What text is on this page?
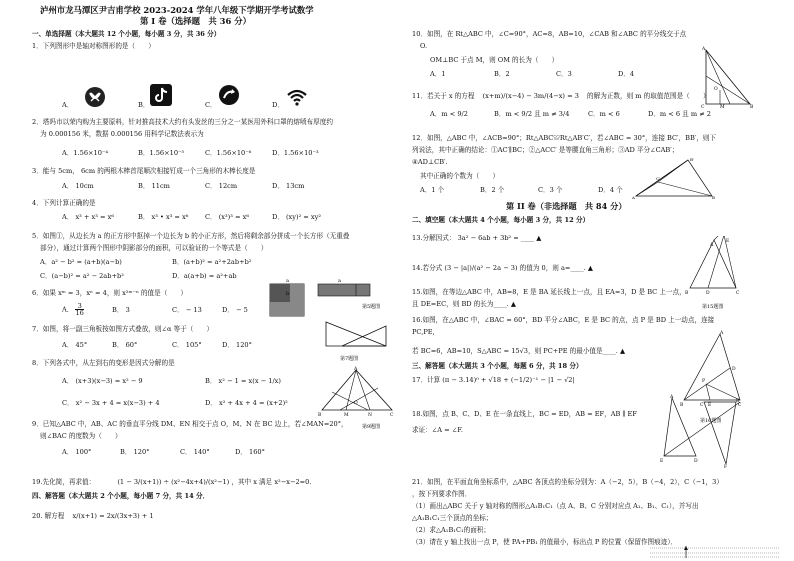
泸州市龙马潭区尹吉甫学校 2023-2024 学年八年级下学期开学考试数学
第 I 卷（选择题　共 36 分）
一、单选择题（本大题共 12 个小题，每小题 3 分，共 36 分）
1．下列图形中是轴对称图形的是（　　）
A．	B．	C．	D．
2．塔吗市以荣内购为主要原料，针对推高技术大约有头发丝的三分之一某医用外科口罩的熔喷布厚度约
为 0.000156 米，数据 0.000156 用科学记数法表示为
A．1.56×10⁻⁴	B．1.56×10⁻⁵	C．1.56×10⁻⁶	D．1.56×10⁻³
3．能与 5cm， 6cm 的两根木棒首尾顺次相接钉成一个三角形的木棒长度是
A． 10cm	B． 11cm	C． 12cm	D． 13cm
4．下列计算正确的是
A． x³ + x³ = x⁶	B． x³ • x³ = x⁶	C． (x³)³ = x⁶	D． (xy)² = xy²
5．如图①，从边长为 a 的正方形中抠掉一个边长为 b 的小正方形，然后将剩余部分拼成一个长方形（无重叠
部分），通过计算两个图形中阴影部分的面积，可以验证的一个等式是（　　）
A．a² − b² = (a+b)(a−b)	B．(a+b)² = a²+2ab+b²
C．(a−b)² = a² − 2ab+b²	D．a(a+b) = a²+ab
6．如果 xᵐ = 3，xⁿ = 4，则 x²ᵐ⁻ⁿ 的值是（　　）
A． $\frac{3}{16}$	B． 3	C． − 13	D． − 5
7．如图，将一副三角板按如图方式叠放，则∠α 等于（　　）
A． 45°	B． 60°	C． 105°	D． 120°
8．下列各式中，从左到右的变形是因式分解的是
A． (x+3)(x−3) = x² − 9	B． x² − 1 = x(x − 1/x)
C． x² − 3x + 4 = x(x−3) + 4	D． x² + 4x + 4 = (x+2)²
9．已知△ABC 中，AB、AC 的垂直平分线 DM、EN 相交于点 O，M、N 在 BC 边上，若∠MAN=20°，
则∠BAC 的度数为（　　）
A． 100°	B． 120°	C． 140°	D． 160°
19.先化简，再求值：	(1 − 3/(x+1)) ÷ (x²−4x+4)/(x²−1) ，其中 x 满足 x²−x−2=0.
四、解答题（本大题共 2 个小题，每小题 7 分，共 14 分．
20. 解方程 x/(x+1) = 2x/(3x+3) + 1
b
a	a
第5题图
第7题图
A
B	C
O
M	N
第9题图
10．如图，在 Rt△ABC 中，∠C=90°，AC=8，AB=10，∠CAB 和∠ABC 的平分线交于点
O.
OM⊥BC 于点 M，则 OM 的长为（　　）
A．1	B．2	C．3	D．4
A
C	B
O
M
11．若关于 x 的方程 (x+m)/(x−4) − 3m/(4−x) = 3 的解为正数，则 m 的取值范围是（　　）
A．m < 9/2	B．m < 9/2 且 m ≠ 3/4	C．m < 6	D．m < 6 且 m ≠ 2
12．如图，△ABC 中，∠ACB=90°；Rt△ABC≌Rt△AB′C′，若∠ABC = 30°，连接 BC′，BB′，则下
列说法，其中正确的结论：①AC′∥BC；②△ACC′ 是等腰直角三角形；③AD 平分∠CAB′；
④AD⊥CB′.
其中正确的个数为（　　）
A．1 个	B．2 个	C．3 个	D．4 个
A	B
B'
C'
第 II 卷（非选择题　共 84 分）
二、填空题（本大题共 4 个小题，每小题 3 分，共 12 分）
13.分解因式： 3a² − 6ab + 3b² = ____ ▲
14.若分式 (3 − |a|)/(a² − 2a − 3) 的值为 0，则 a=____. ▲
E
A
B	D	C
第15题图
15.如图，在等边△ABC 中，AB=8，E 是 BA 延长线上一点，且 EA=3，D 是 BC 上一点，
且 DE=EC，则 BD 的长为____. ▲
16.如图，在△ABC 中，∠BAC = 60°，BD 平分∠ABC，E 是 BC 的点，点 P 是 BD 上一动点，连接
PC,PE,
若 BC=6，AB=10，S△ABC = 15√3，则 PC+PE 的最小值是____. ▲
A
B	C
D
P
E
第16题图
三、解答题（本大题共 3 个小题，每题 6 分，共 18 分）
17．计算 (π − 3.14)⁰ + √18 + (−1/2)⁻¹ − |1 − √2|
18.如图，点 B、C、D、E 在一条直线上，BC = ED，AB = EF，AB ∥ EF
求证：∠A = ∠F.
A
E	D
C
B
F
21．如图，在平面直角坐标系中，△ABC 各顶点的坐标分别为：A（−2，5），B（−4，2），C（−1，3）
，按下列要求作图．
（1）画出△ABC 关于 y 轴对称的图形△A₁B₁C₁（点 A、B、C 分别对应点 A₁、B₁、C₁），并写出
△A₁B₁C₁三个顶点的坐标；
（2）求△A₁B₁C₁的面积；
（3）请在 y 轴上找出一点 P，使 PA+PB₁ 的值最小，标出点 P 的位置（保留作图痕迹）．
